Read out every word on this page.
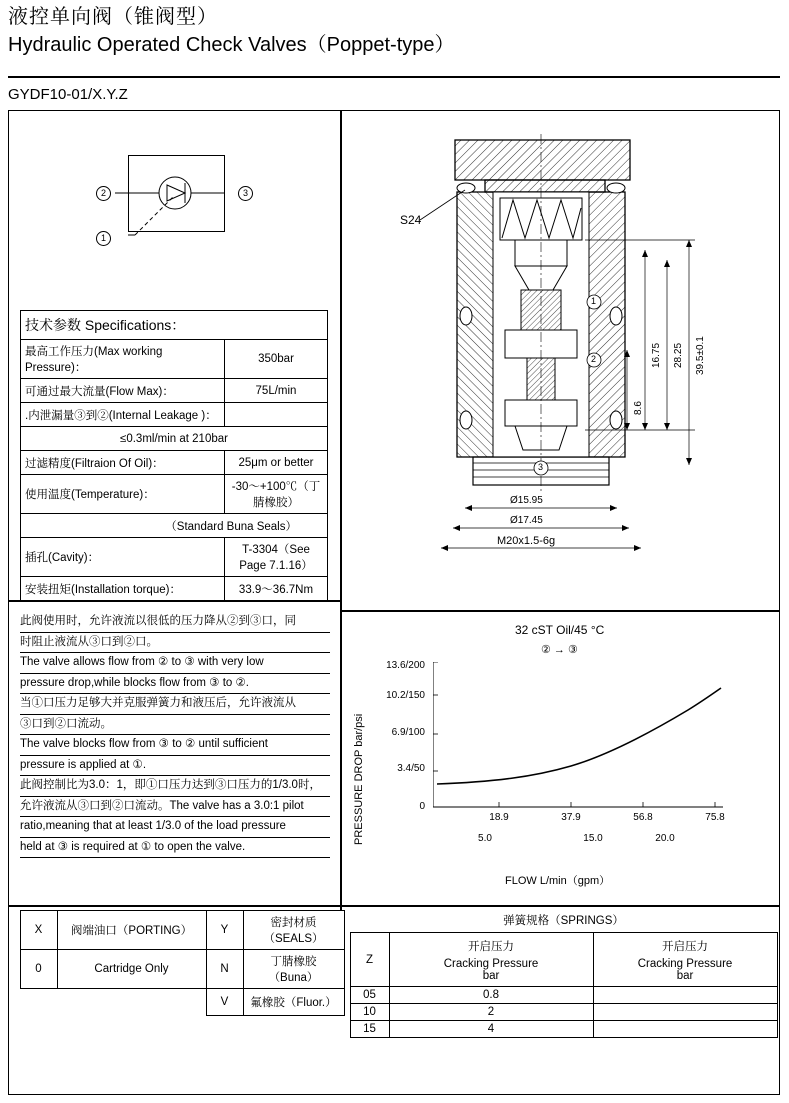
液控单向阀（锥阀型）
Hydraulic Operated Check Valves（Poppet-type）
GYDF10-01/X.Y.Z
2	3
1
技术参数 Specifications：	
最高工作压力(Max working Pressure)：	350bar
可通过最大流量(Flow Max)：	75L/min
.内泄漏量③到②(Internal Leakage )：	
≤0.3ml/min at 210bar	
过滤精度(Filtraion Of Oil)：	25μm or better
使用温度(Temperature)：	-30～+100℃（丁腈橡胶）
（Standard Buna Seals）	
插孔(Cavity)：	T-3304（See Page 7.1.16）
安装扭矩(Installation torque)：	33.9～36.7Nm
此阀使用时，允许液流以很低的压力降从②到③口，同
时阻止液流从③口到②口。
The valve allows flow from ② to ③ with very low
pressure drop,while blocks flow from ③ to ②.
当①口压力足够大并克服弹簧力和液压后，允许液流从
③口到②口流动。
The valve blocks flow from ③ to ② until sufficient
pressure is applied at ①.
此阀控制比为3.0：1，即①口压力达到③口压力的1/3.0时，
允许液流从③口到②口流动。The valve has a 3.0:1 pilot
ratio,meaning that at least 1/3.0 of the load pressure
held at ③ is required at ① to open the valve.
S24
1
2
3
39.5±0.1
28.25
16.75
8.6
Ø15.95
Ø17.45
M20x1.5-6g
32 cST Oil/45 °C
② → ③
PRESSURE DROP bar/psi
FLOW L/min（gpm）
13.6/200
10.2/150
6.9/100
3.4/50
0
18.9	37.9	56.8	75.8
5.0	15.0	20.0
X	阀端油口（PORTING）	Y	密封材质（SEALS）
0	Cartridge Only	N	丁腈橡胶（Buna）
		V	氟橡胶（Fluor.）
弹簧规格（SPRINGS）		
Z	开启压力	开启压力

Cracking Pressure
bar

Cracking Pressure
bar

05	0.8	
10	2	
15	4	
